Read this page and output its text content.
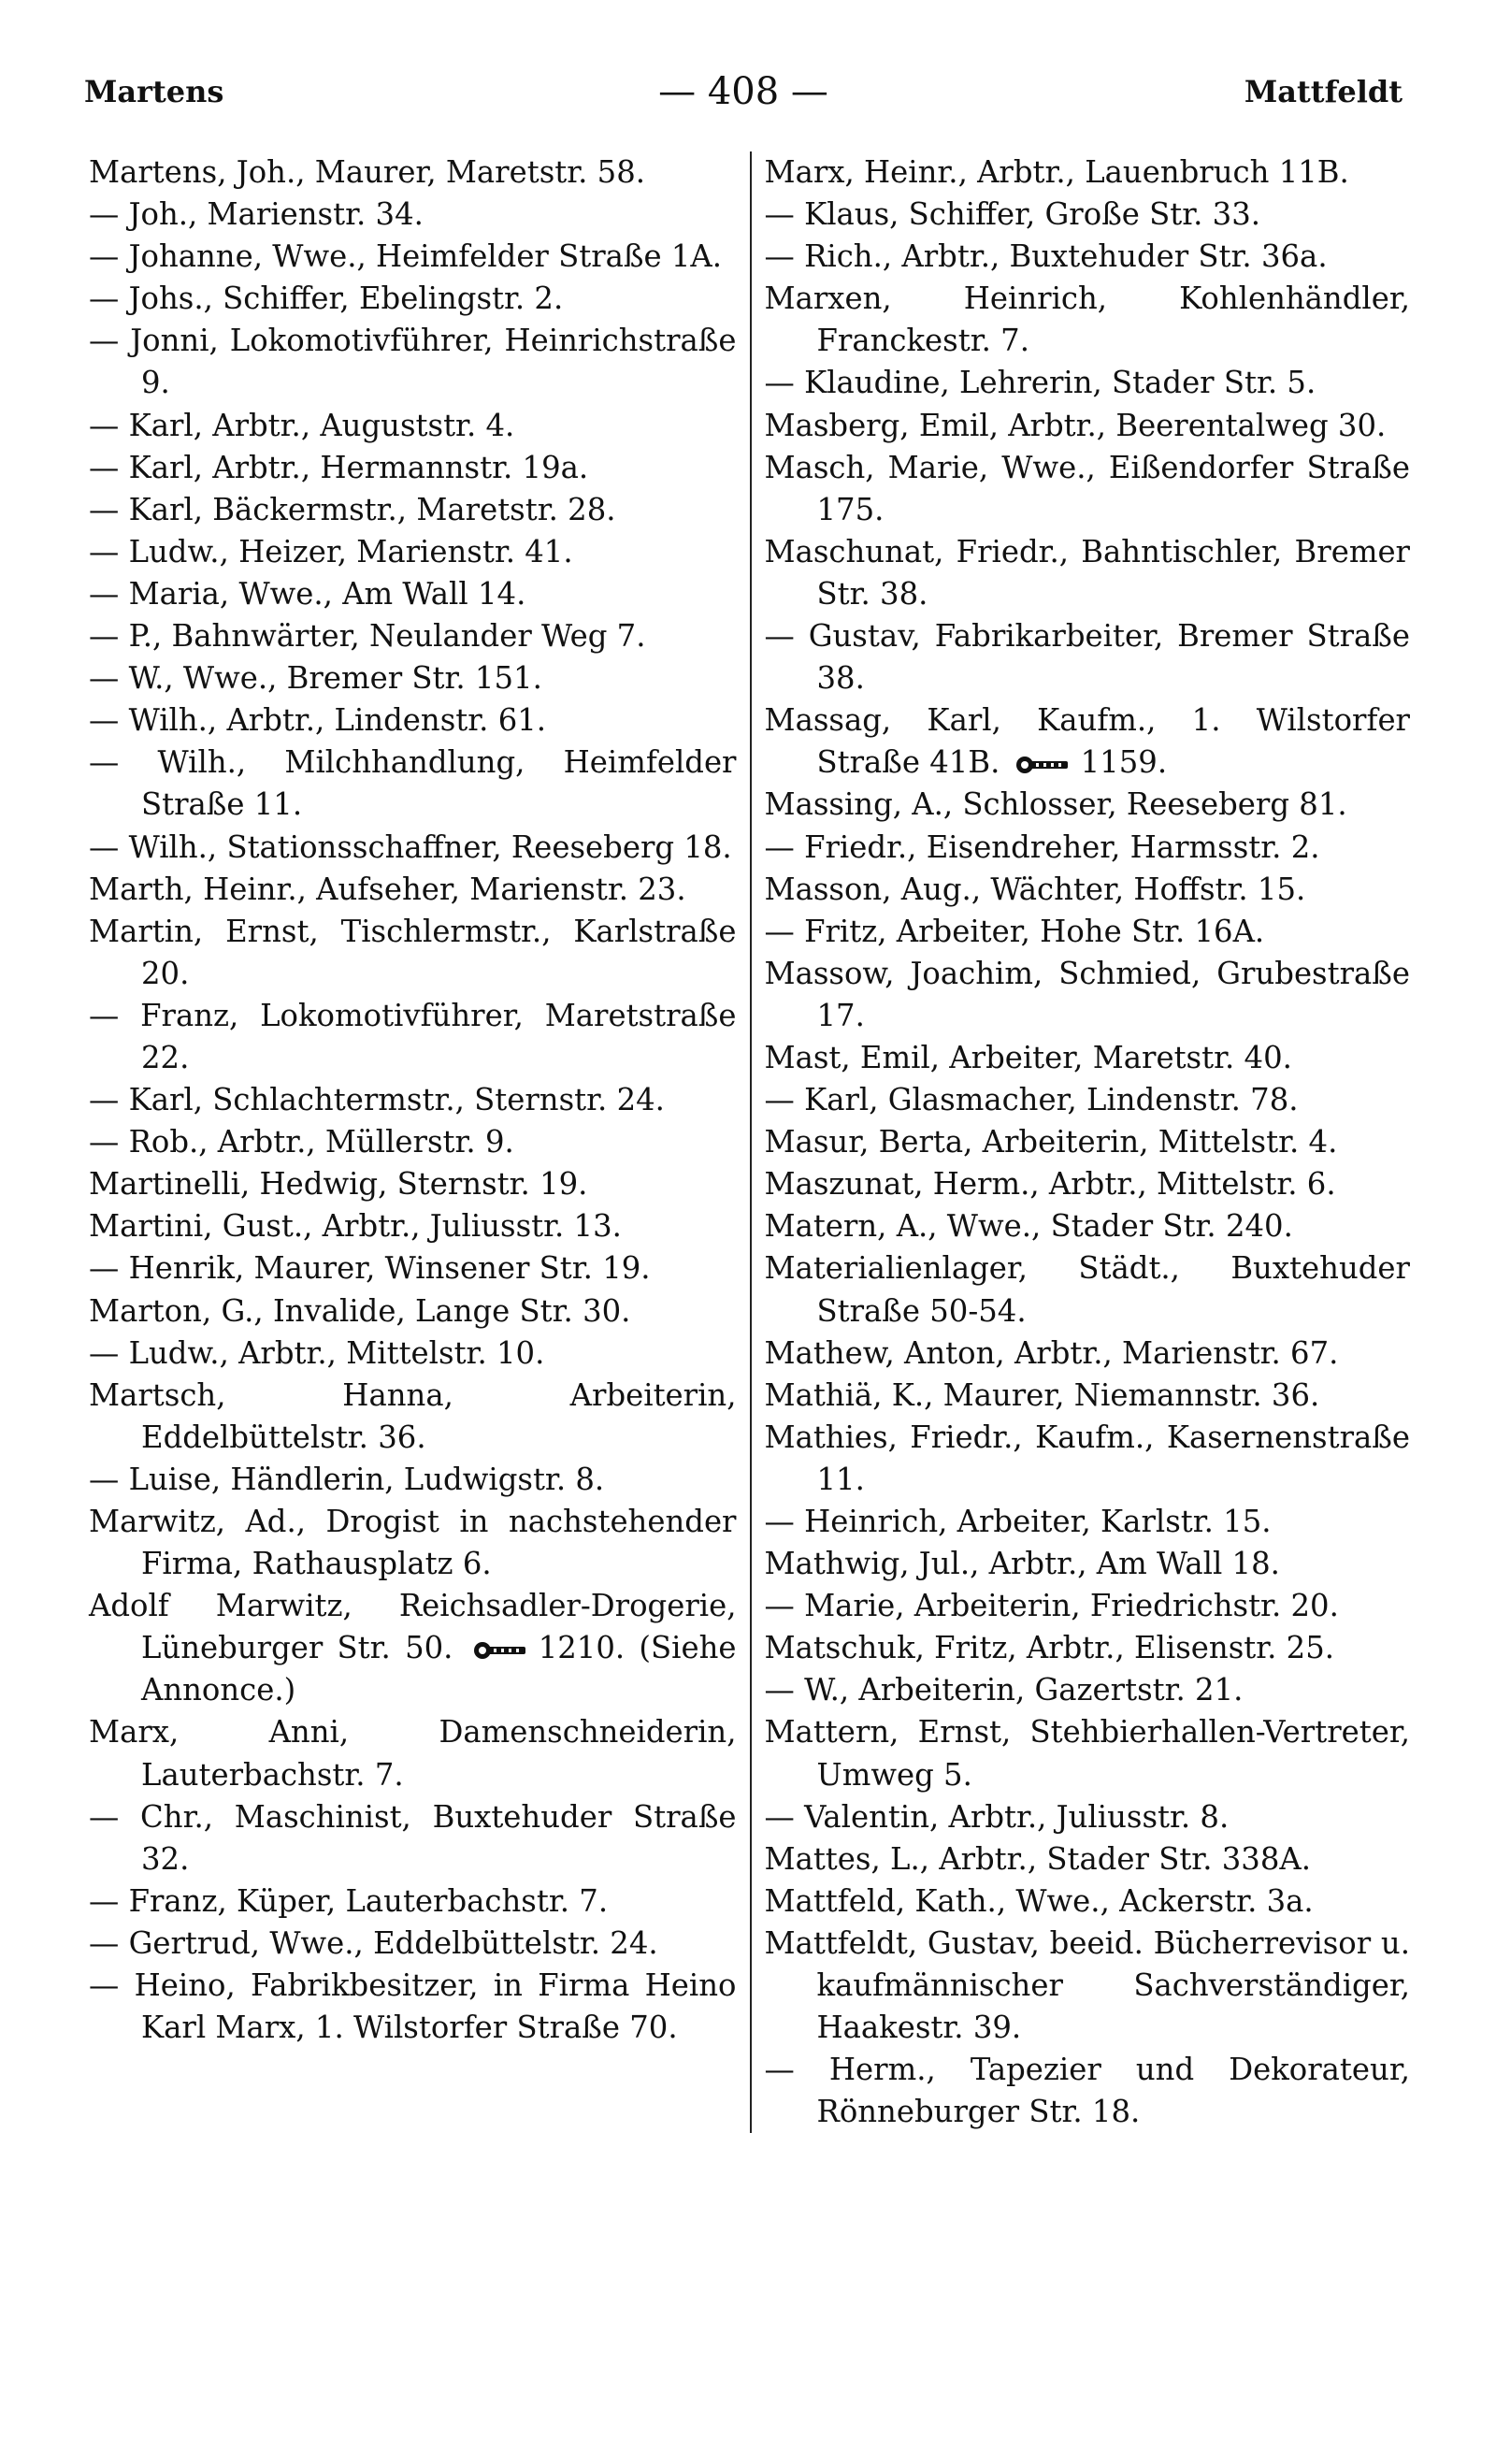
Martens	— 408 —	Mattfeldt
Martens, Joh., Maurer, Maretstr. 58.
— Joh., Marienstr. 34.
— Johanne, Wwe., Heimfelder Straße 1A.
— Johs., Schiffer, Ebelingstr. 2.
— Jonni, Lokomotivführer, Heinrichstraße 9.
— Karl, Arbtr., Auguststr. 4.
— Karl, Arbtr., Hermannstr. 19a.
— Karl, Bäckermstr., Maretstr. 28.
— Ludw., Heizer, Marienstr. 41.
— Maria, Wwe., Am Wall 14.
— P., Bahnwärter, Neulander Weg 7.
— W., Wwe., Bremer Str. 151.
— Wilh., Arbtr., Lindenstr. 61.
— Wilh., Milchhandlung, Heimfelder Straße 11.
— Wilh., Stationsschaffner, Reeseberg 18.
Marth, Heinr., Aufseher, Marienstr. 23.
Martin, Ernst, Tischlermstr., Karlstraße 20.
— Franz, Lokomotivführer, Maretstraße 22.
— Karl, Schlachtermstr., Sternstr. 24.
— Rob., Arbtr., Müllerstr. 9.
Martinelli, Hedwig, Sternstr. 19.
Martini, Gust., Arbtr., Juliusstr. 13.
— Henrik, Maurer, Winsener Str. 19.
Marton, G., Invalide, Lange Str. 30.
— Ludw., Arbtr., Mittelstr. 10.
Martsch, Hanna, Arbeiterin, Eddelbüttelstr. 36.
— Luise, Händlerin, Ludwigstr. 8.
Marwitz, Ad., Drogist in nachstehender Firma, Rathausplatz 6.
Adolf Marwitz, Reichsadler-Drogerie, Lüneburger Str. 50.
1210. (Siehe Annonce.)
Marx, Anni, Damenschneiderin, Lauterbachstr. 7.
— Chr., Maschinist, Buxtehuder Straße 32.
— Franz, Küper, Lauterbachstr. 7.
— Gertrud, Wwe., Eddelbüttelstr. 24.
— Heino, Fabrikbesitzer, in Firma Heino Karl Marx, 1. Wilstorfer Straße 70.
Marx, Heinr., Arbtr., Lauenbruch 11B.
— Klaus, Schiffer, Große Str. 33.
— Rich., Arbtr., Buxtehuder Str. 36a.
Marxen, Heinrich, Kohlenhändler, Franckestr. 7.
— Klaudine, Lehrerin, Stader Str. 5.
Masberg, Emil, Arbtr., Beerentalweg 30.
Masch, Marie, Wwe., Eißendorfer Straße 175.
Maschunat, Friedr., Bahntischler, Bremer Str. 38.
— Gustav, Fabrikarbeiter, Bremer Straße 38.
Massag, Karl, Kaufm., 1. Wilstorfer Straße 41B.
1159.
Massing, A., Schlosser, Reeseberg 81.
— Friedr., Eisendreher, Harmsstr. 2.
Masson, Aug., Wächter, Hoffstr. 15.
— Fritz, Arbeiter, Hohe Str. 16A.
Massow, Joachim, Schmied, Grubestraße 17.
Mast, Emil, Arbeiter, Maretstr. 40.
— Karl, Glasmacher, Lindenstr. 78.
Masur, Berta, Arbeiterin, Mittelstr. 4.
Maszunat, Herm., Arbtr., Mittelstr. 6.
Matern, A., Wwe., Stader Str. 240.
Materialienlager, Städt., Buxtehuder Straße 50-54.
Mathew, Anton, Arbtr., Marienstr. 67.
Mathiä, K., Maurer, Niemannstr. 36.
Mathies, Friedr., Kaufm., Kasernenstraße 11.
— Heinrich, Arbeiter, Karlstr. 15.
Mathwig, Jul., Arbtr., Am Wall 18.
— Marie, Arbeiterin, Friedrichstr. 20.
Matschuk, Fritz, Arbtr., Elisenstr. 25.
— W., Arbeiterin, Gazertstr. 21.
Mattern, Ernst, Stehbierhallen-Vertreter, Umweg 5.
— Valentin, Arbtr., Juliusstr. 8.
Mattes, L., Arbtr., Stader Str. 338A.
Mattfeld, Kath., Wwe., Ackerstr. 3a.
Mattfeldt, Gustav, beeid. Bücherrevisor u. kaufmännischer Sachverständiger, Haakestr. 39.
— Herm., Tapezier und Dekorateur, Rönneburger Str. 18.
